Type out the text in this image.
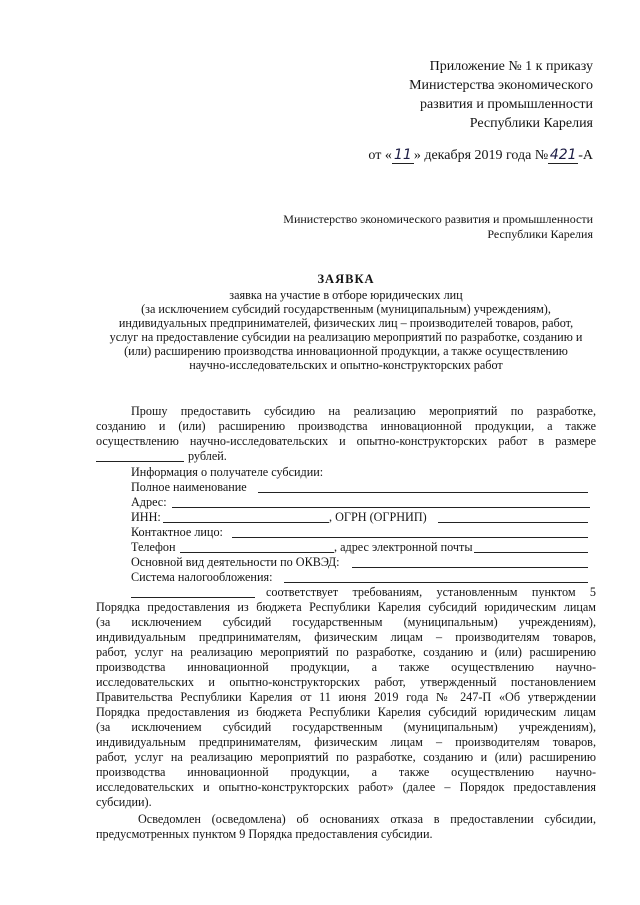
Приложение № 1 к приказу
Министерства экономического
развития и промышленности
Республики Карелия
от « 11 » декабря 2019 года № 421 -А
Министерство экономического развития и промышленности
Республики Карелия
ЗАЯВКА
заявка на участие в отборе юридических лиц
(за исключением субсидий государственным (муниципальным) учреждениям),
индивидуальных предпринимателей, физических лиц – производителей товаров, работ,
услуг на предоставление субсидии на реализацию мероприятий по разработке, созданию и
(или) расширению производства инновационной продукции, а также осуществлению
научно-исследовательских и опытно-конструкторских работ
Прошу предоставить субсидию на реализацию мероприятий по разработке,
созданию и (или) расширению производства инновационной продукции, а также
осуществлению научно-исследовательских и опытно-конструкторских работ в размере
рублей.
Информация о получателе субсидии:
Полное наименование
Адрес:
ИНН:	, ОГРН (ОГРНИП)
Контактное лицо:
Телефон	, адрес электронной почты
Основной вид деятельности по ОКВЭД:
Система налогообложения:
соответствует требованиям, установленным пунктом 5
Порядка предоставления из бюджета Республики Карелия субсидий юридическим лицам
(за исключением субсидий государственным (муниципальным) учреждениям),
индивидуальным предпринимателям, физическим лицам – производителям товаров,
работ, услуг на реализацию мероприятий по разработке, созданию и (или) расширению
производства инновационной продукции, а также осуществлению научно-
исследовательских и опытно-конструкторских работ, утвержденный постановлением
Правительства Республики Карелия от 11 июня 2019 года № 247-П «Об утверждении
Порядка предоставления из бюджета Республики Карелия субсидий юридическим лицам
(за исключением субсидий государственным (муниципальным) учреждениям),
индивидуальным предпринимателям, физическим лицам – производителям товаров,
работ, услуг на реализацию мероприятий по разработке, созданию и (или) расширению
производства инновационной продукции, а также осуществлению научно-
исследовательских и опытно-конструкторских работ» (далее – Порядок предоставления
субсидии).
Осведомлен (осведомлена) об основаниях отказа в предоставлении субсидии,
предусмотренных пунктом 9 Порядка предоставления субсидии.
